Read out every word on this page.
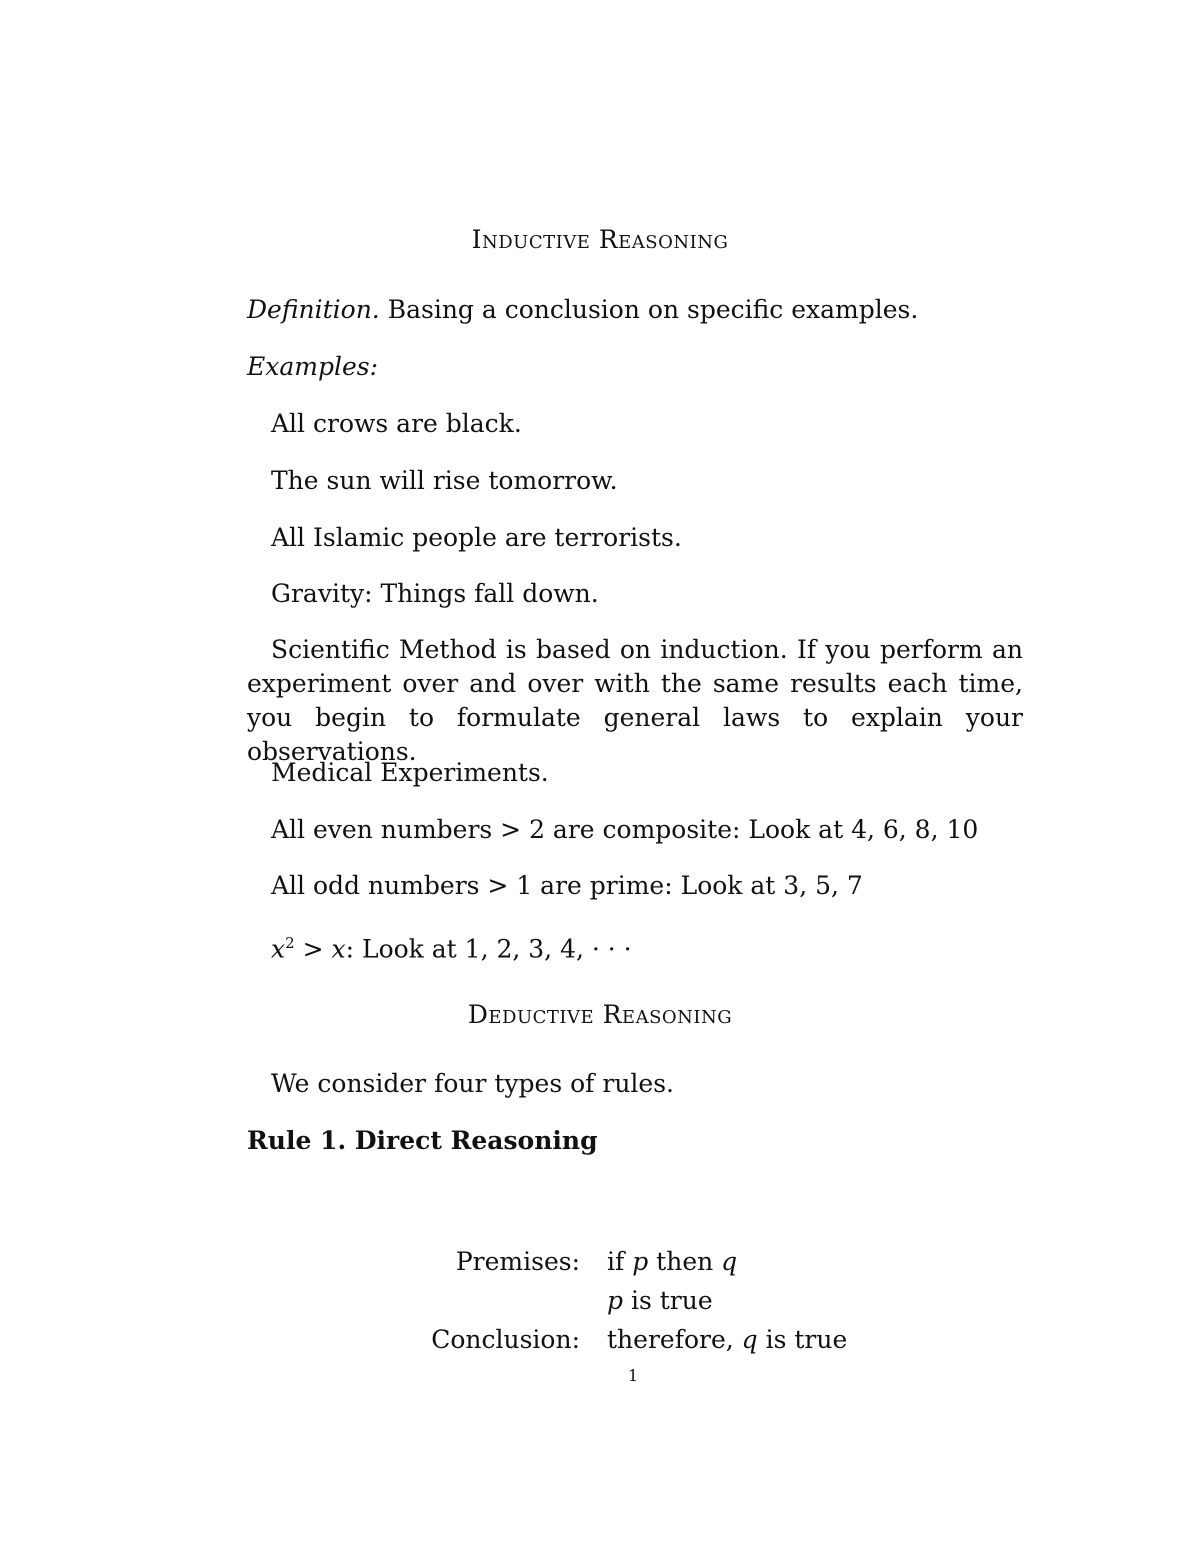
Inductive Reasoning
Definition. Basing a conclusion on specific examples.
Examples:
All crows are black.
The sun will rise tomorrow.
All Islamic people are terrorists.
Gravity: Things fall down.
Scientific Method is based on induction. If you perform an experiment over and over with the same results each time, you begin to formulate general laws to explain your observations.
Medical Experiments.
All even numbers > 2 are composite: Look at 4, 6, 8, 10
All odd numbers > 1 are prime: Look at 3, 5, 7
$x^2 > x$: Look at 1, 2, 3, 4, · · ·
Deductive Reasoning
We consider four types of rules.
Rule 1. Direct Reasoning
Premises: if p then q
p is true
Conclusion: therefore, q is true
1
